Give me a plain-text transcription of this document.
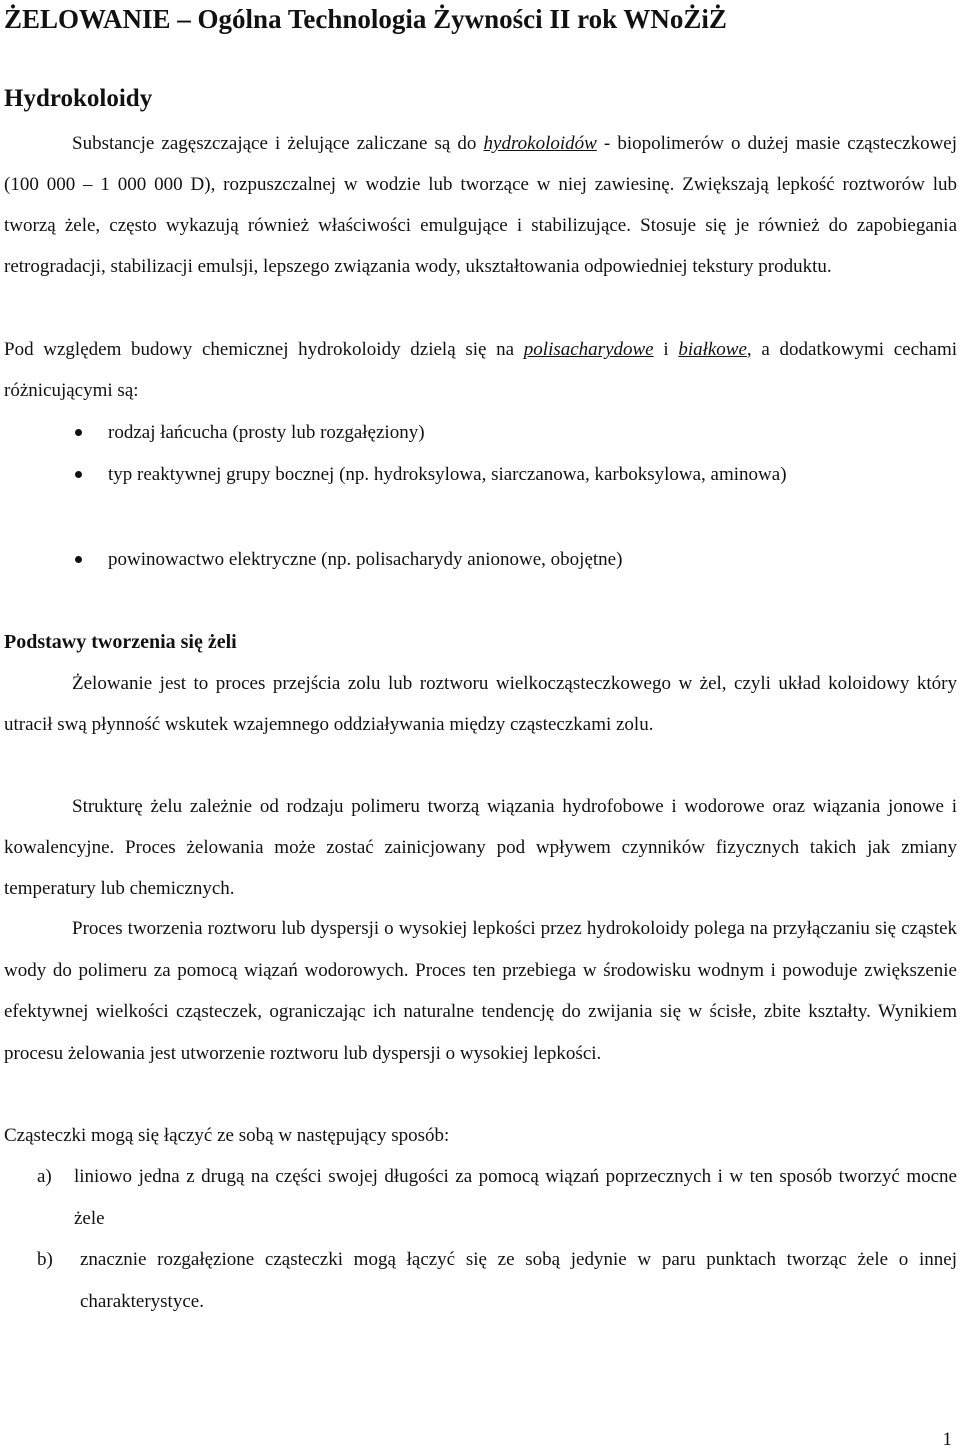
ŻELOWANIE – Ogólna Technologia Żywności II rok WNoŻiŻ
Hydrokoloidy

Substancje zagęszczające i żelujące zaliczane są do hydrokoloidów - biopolimerów o dużej masie cząsteczkowej (100 000 – 1 000 000 D), rozpuszczalnej w wodzie lub tworzące w niej zawiesinę. Zwiększają lepkość roztworów lub tworzą żele, często wykazują również właściwości emulgujące i stabilizujące. Stosuje się je również do zapobiegania retrogradacji, stabilizacji emulsji, lepszego związania wody, ukształtowania odpowiedniej tekstury produktu.

Pod względem budowy chemicznej hydrokoloidy dzielą się na polisacharydowe i białkowe, a dodatkowymi cechami różnicującymi są:

rodzaj łańcucha (prosty lub rozgałęziony)
typ reaktywnej grupy bocznej (np. hydroksylowa, siarczanowa, karboksylowa, aminowa)
powinowactwo elektryczne (np. polisacharydy anionowe, obojętne)
Podstawy tworzenia się żeli

Żelowanie jest to proces przejścia zolu lub roztworu wielkocząsteczkowego w żel, czyli układ koloidowy który utracił swą płynność wskutek wzajemnego oddziaływania między cząsteczkami zolu.

Strukturę żelu zależnie od rodzaju polimeru tworzą wiązania hydrofobowe i wodorowe oraz wiązania jonowe i kowalencyjne. Proces żelowania może zostać zainicjowany pod wpływem czynników fizycznych takich jak zmiany temperatury lub chemicznych.

Proces tworzenia roztworu lub dyspersji o wysokiej lepkości przez hydrokoloidy polega na przyłączaniu się cząstek wody do polimeru za pomocą wiązań wodorowych. Proces ten przebiega w środowisku wodnym i powoduje zwiększenie efektywnej wielkości cząsteczek, ograniczając ich naturalne tendencję do zwijania się w ścisłe, zbite kształty. Wynikiem procesu żelowania jest utworzenie roztworu lub dyspersji o wysokiej lepkości.

Cząsteczki mogą się łączyć ze sobą w następujący sposób:

a) liniowo jedna z drugą na części swojej długości za pomocą wiązań poprzecznych i w ten sposób tworzyć mocne żele
b) znacznie rozgałęzione cząsteczki mogą łączyć się ze sobą jedynie w paru punktach tworząc żele o innej charakterystyce.
1
